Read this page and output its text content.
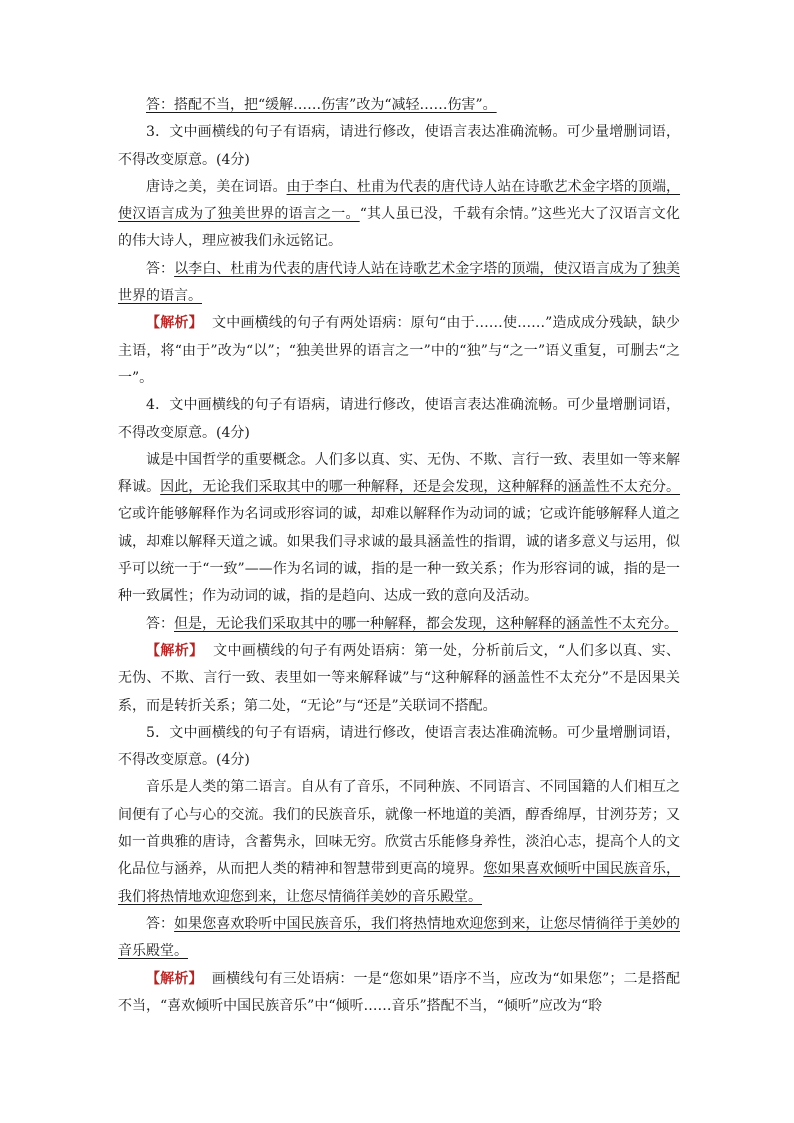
答：搭配不当，把“缓解……伤害”改为“减轻……伤害”。

3．文中画横线的句子有语病，请进行修改，使语言表达准确流畅。可少量增删词语，不得改变原意。(4分)

唐诗之美，美在词语。由于李白、杜甫为代表的唐代诗人站在诗歌艺术金字塔的顶端，使汉语言成为了独美世界的语言之一。“其人虽已没，千载有余情。”这些光大了汉语言文化的伟大诗人，理应被我们永远铭记。

答：以李白、杜甫为代表的唐代诗人站在诗歌艺术金字塔的顶端，使汉语言成为了独美世界的语言。

【解析】 文中画横线的句子有两处语病：原句“由于……使……”造成成分残缺，缺少主语，将“由于”改为“以”；“独美世界的语言之一”中的“独”与“之一”语义重复，可删去“之一”。

4．文中画横线的句子有语病，请进行修改，使语言表达准确流畅。可少量增删词语，不得改变原意。(4分)

诚是中国哲学的重要概念。人们多以真、实、无伪、不欺、言行一致、表里如一等来解释诚。因此，无论我们采取其中的哪一种解释，还是会发现，这种解释的涵盖性不太充分。它或许能够解释作为名词或形容词的诚，却难以解释作为动词的诚；它或许能够解释人道之诚，却难以解释天道之诚。如果我们寻求诚的最具涵盖性的指谓，诚的诸多意义与运用，似乎可以统一于“一致”——作为名词的诚，指的是一种一致关系；作为形容词的诚，指的是一种一致属性；作为动词的诚，指的是趋向、达成一致的意向及活动。

答：但是，无论我们采取其中的哪一种解释，都会发现，这种解释的涵盖性不太充分。

【解析】 文中画横线的句子有两处语病：第一处，分析前后文，“人们多以真、实、无伪、不欺、言行一致、表里如一等来解释诚”与“这种解释的涵盖性不太充分”不是因果关系，而是转折关系；第二处，“无论”与“还是”关联词不搭配。

5．文中画横线的句子有语病，请进行修改，使语言表达准确流畅。可少量增删词语，不得改变原意。(4分)

音乐是人类的第二语言。自从有了音乐，不同种族、不同语言、不同国籍的人们相互之间便有了心与心的交流。我们的民族音乐，就像一杯地道的美酒，醇香绵厚，甘洌芬芳；又如一首典雅的唐诗，含蓄隽永，回味无穷。欣赏古乐能修身养性，淡泊心志，提高个人的文化品位与涵养，从而把人类的精神和智慧带到更高的境界。您如果喜欢倾听中国民族音乐，我们将热情地欢迎您到来，让您尽情徜徉美妙的音乐殿堂。

答：如果您喜欢聆听中国民族音乐，我们将热情地欢迎您到来，让您尽情徜徉于美妙的音乐殿堂。

【解析】 画横线句有三处语病：一是“您如果”语序不当，应改为“如果您”；二是搭配不当，“喜欢倾听中国民族音乐”中“倾听……音乐”搭配不当，“倾听”应改为“聆
